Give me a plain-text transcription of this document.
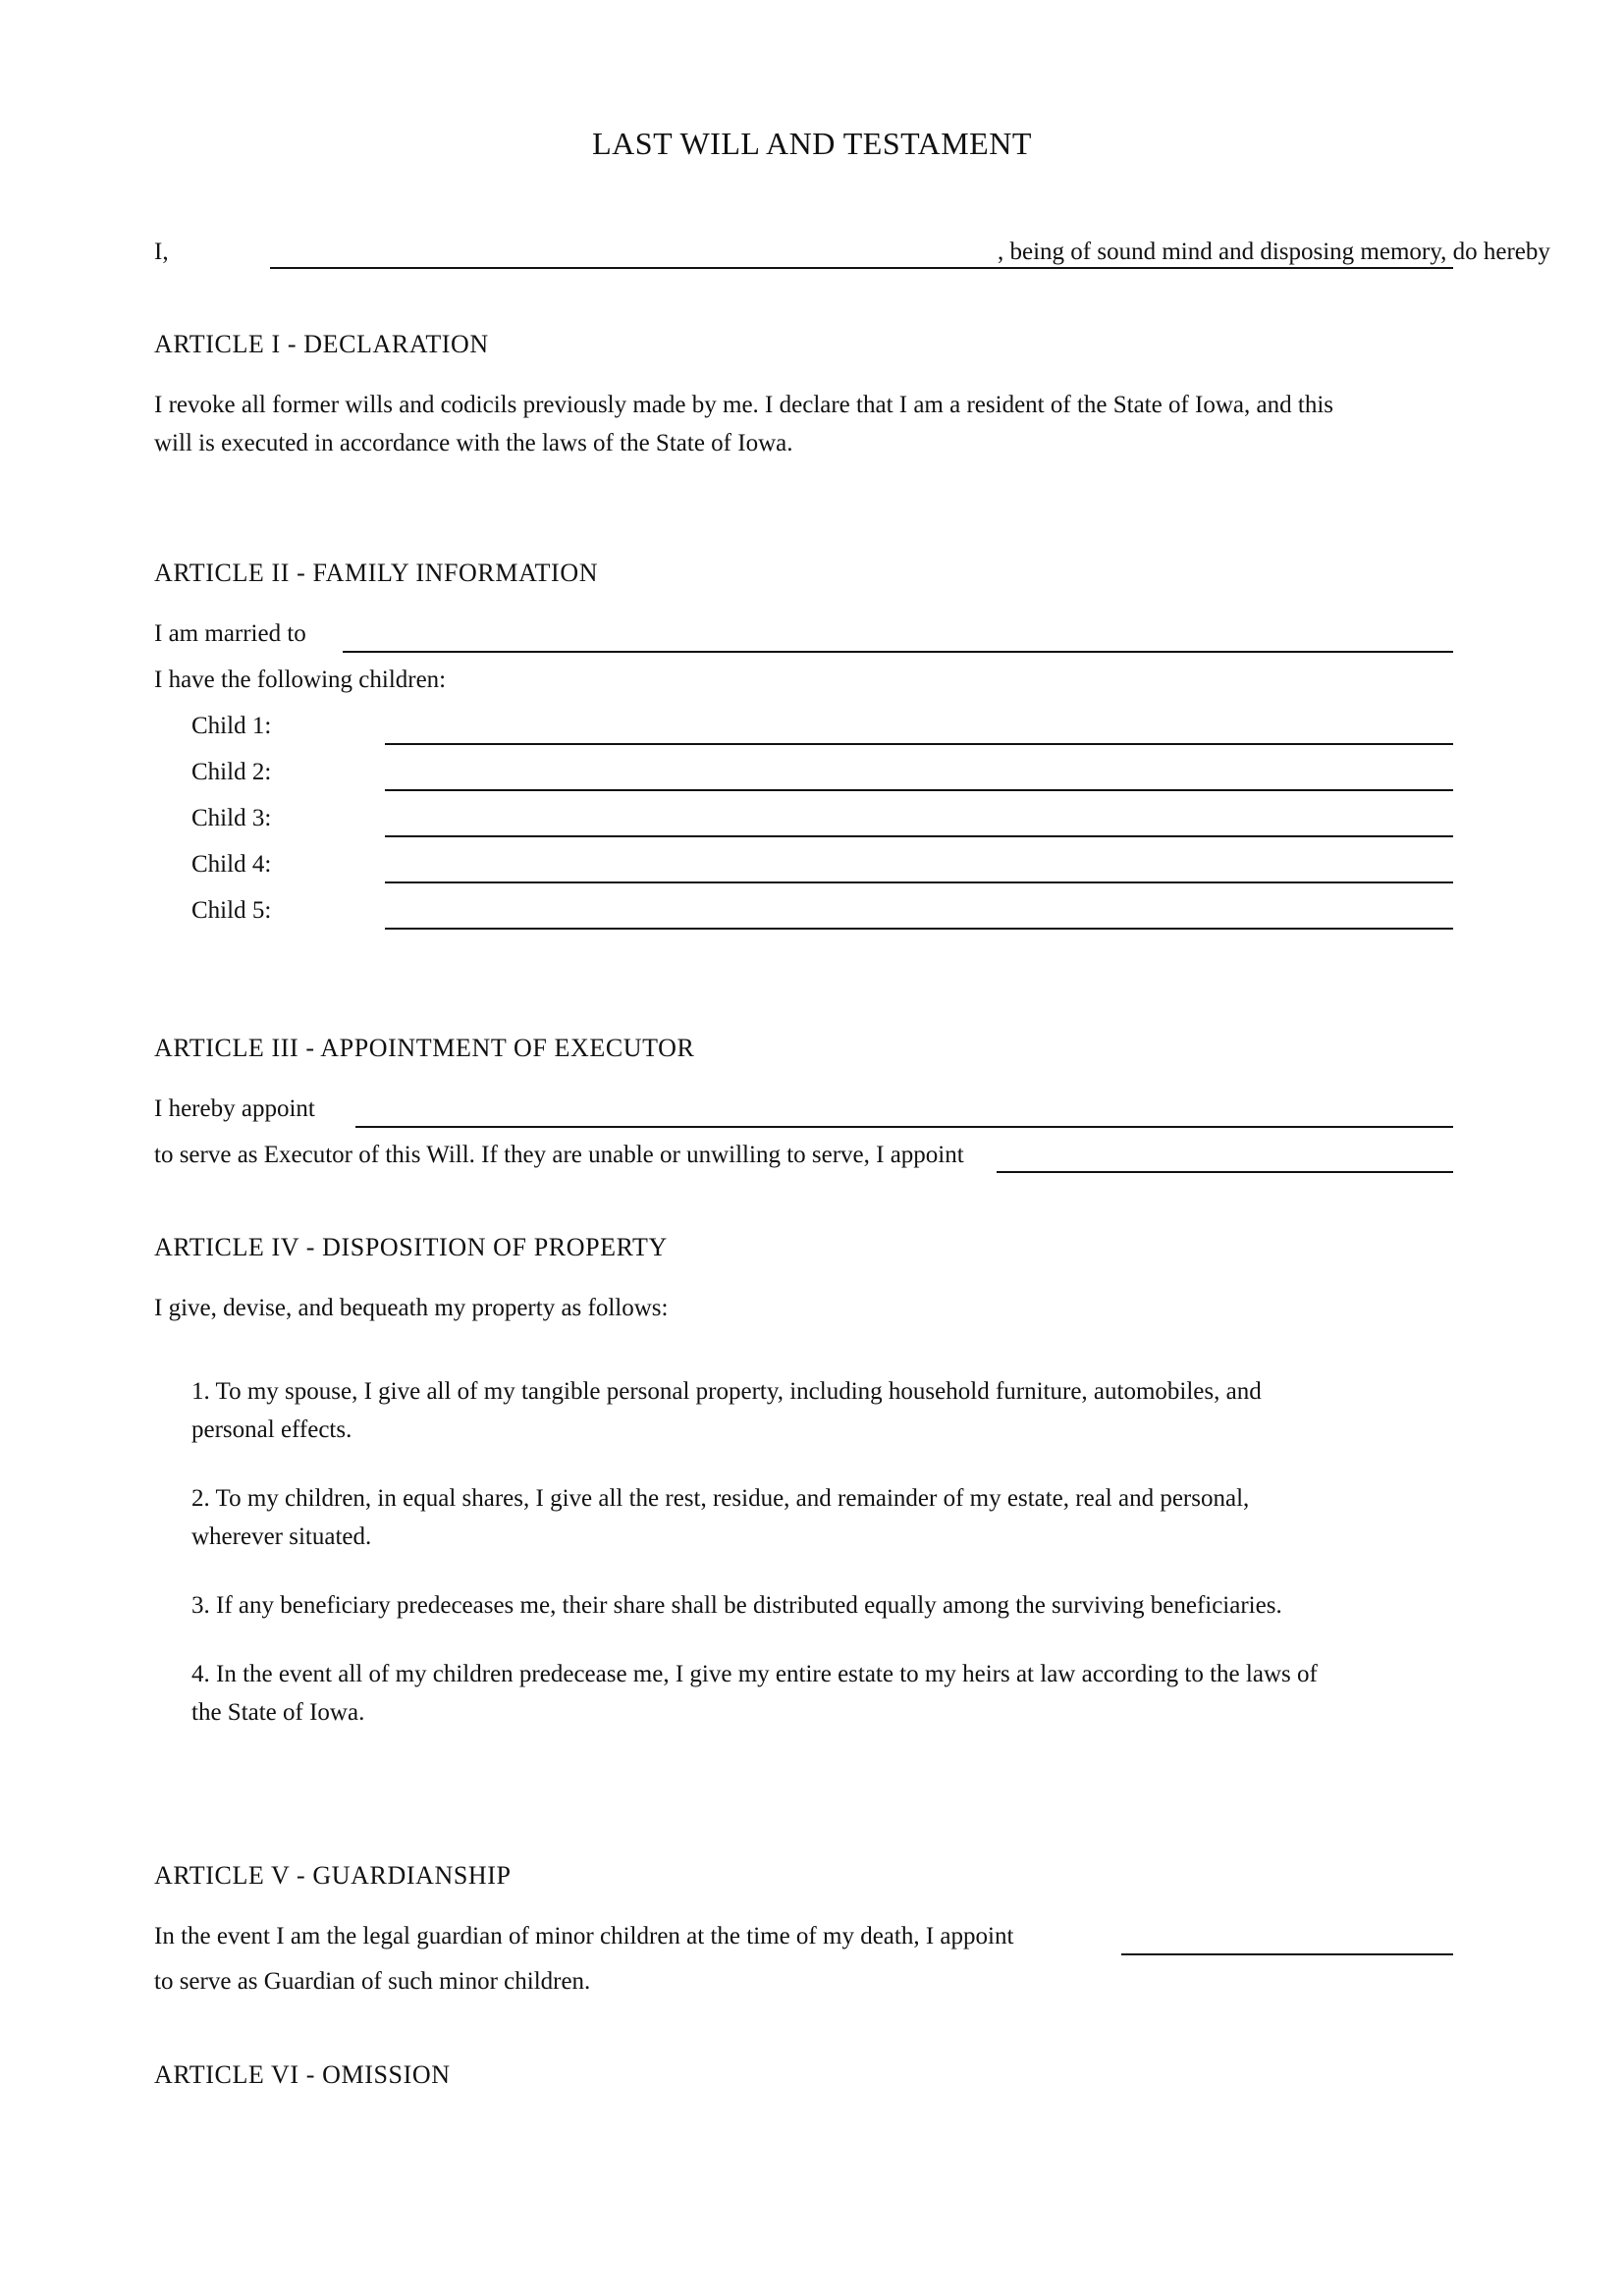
LAST WILL AND TESTAMENT
I,	, being of sound mind and disposing memory, do hereby
ARTICLE I - DECLARATION
I revoke all former wills and codicils previously made by me. I declare that I am a resident of the State of Iowa, and this
will is executed in accordance with the laws of the State of Iowa.
ARTICLE II - FAMILY INFORMATION
I am married to
I have the following children:
Child 1:
Child 2:
Child 3:
Child 4:
Child 5:
ARTICLE III - APPOINTMENT OF EXECUTOR
I hereby appoint
to serve as Executor of this Will. If they are unable or unwilling to serve, I appoint
ARTICLE IV - DISPOSITION OF PROPERTY
I give, devise, and bequeath my property as follows:
1. To my spouse, I give all of my tangible personal property, including household furniture, automobiles, and
personal effects.
2. To my children, in equal shares, I give all the rest, residue, and remainder of my estate, real and personal,
wherever situated.
3. If any beneficiary predeceases me, their share shall be distributed equally among the surviving beneficiaries.
4. In the event all of my children predecease me, I give my entire estate to my heirs at law according to the laws of
the State of Iowa.
ARTICLE V - GUARDIANSHIP
In the event I am the legal guardian of minor children at the time of my death, I appoint
to serve as Guardian of such minor children.
ARTICLE VI - OMISSION
